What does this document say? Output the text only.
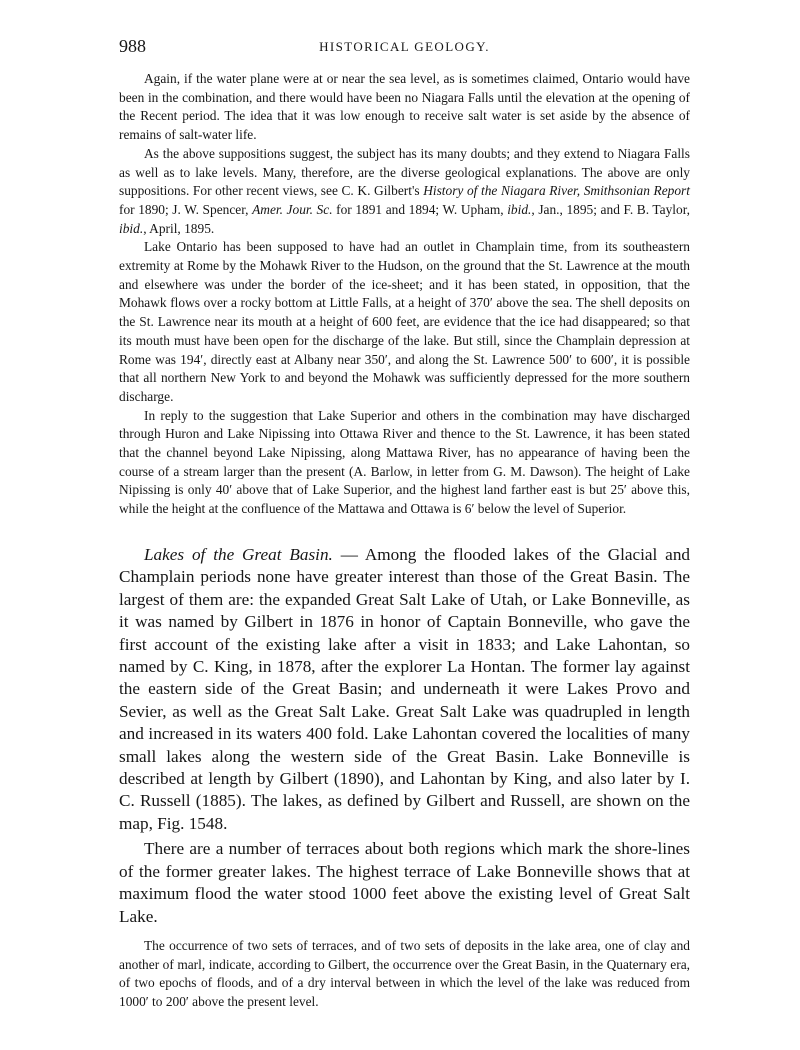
988	HISTORICAL GEOLOGY.

Again, if the water plane were at or near the sea level, as is sometimes claimed, Ontario would have been in the combination, and there would have been no Niagara Falls until the elevation at the opening of the Recent period. The idea that it was low enough to receive salt water is set aside by the absence of remains of salt-water life.

As the above suppositions suggest, the subject has its many doubts; and they extend to Niagara Falls as well as to lake levels. Many, therefore, are the diverse geological explanations. The above are only suppositions. For other recent views, see C. K. Gilbert's History of the Niagara River, Smithsonian Report for 1890; J. W. Spencer, Amer. Jour. Sc. for 1891 and 1894; W. Upham, ibid., Jan., 1895; and F. B. Taylor, ibid., April, 1895.

Lake Ontario has been supposed to have had an outlet in Champlain time, from its southeastern extremity at Rome by the Mohawk River to the Hudson, on the ground that the St. Lawrence at the mouth and elsewhere was under the border of the ice-sheet; and it has been stated, in opposition, that the Mohawk flows over a rocky bottom at Little Falls, at a height of 370′ above the sea. The shell deposits on the St. Lawrence near its mouth at a height of 600 feet, are evidence that the ice had disappeared; so that its mouth must have been open for the discharge of the lake. But still, since the Champlain depression at Rome was 194′, directly east at Albany near 350′, and along the St. Lawrence 500′ to 600′, it is possible that all northern New York to and beyond the Mohawk was sufficiently depressed for the more southern discharge.

In reply to the suggestion that Lake Superior and others in the combination may have discharged through Huron and Lake Nipissing into Ottawa River and thence to the St. Lawrence, it has been stated that the channel beyond Lake Nipissing, along Mattawa River, has no appearance of having been the course of a stream larger than the present (A. Barlow, in letter from G. M. Dawson). The height of Lake Nipissing is only 40′ above that of Lake Superior, and the highest land farther east is but 25′ above this, while the height at the confluence of the Mattawa and Ottawa is 6′ below the level of Superior.

Lakes of the Great Basin. — Among the flooded lakes of the Glacial and Champlain periods none have greater interest than those of the Great Basin. The largest of them are: the expanded Great Salt Lake of Utah, or Lake Bonneville, as it was named by Gilbert in 1876 in honor of Captain Bonneville, who gave the first account of the existing lake after a visit in 1833; and Lake Lahontan, so named by C. King, in 1878, after the explorer La Hontan. The former lay against the eastern side of the Great Basin; and underneath it were Lakes Provo and Sevier, as well as the Great Salt Lake. Great Salt Lake was quadrupled in length and increased in its waters 400 fold. Lake Lahontan covered the localities of many small lakes along the western side of the Great Basin. Lake Bonneville is described at length by Gilbert (1890), and Lahontan by King, and also later by I. C. Russell (1885). The lakes, as defined by Gilbert and Russell, are shown on the map, Fig. 1548.

There are a number of terraces about both regions which mark the shore-lines of the former greater lakes. The highest terrace of Lake Bonneville shows that at maximum flood the water stood 1000 feet above the existing level of Great Salt Lake.

The occurrence of two sets of terraces, and of two sets of deposits in the lake area, one of clay and another of marl, indicate, according to Gilbert, the occurrence over the Great Basin, in the Quaternary era, of two epochs of floods, and of a dry interval between in which the level of the lake was reduced from 1000′ to 200′ above the present level.
